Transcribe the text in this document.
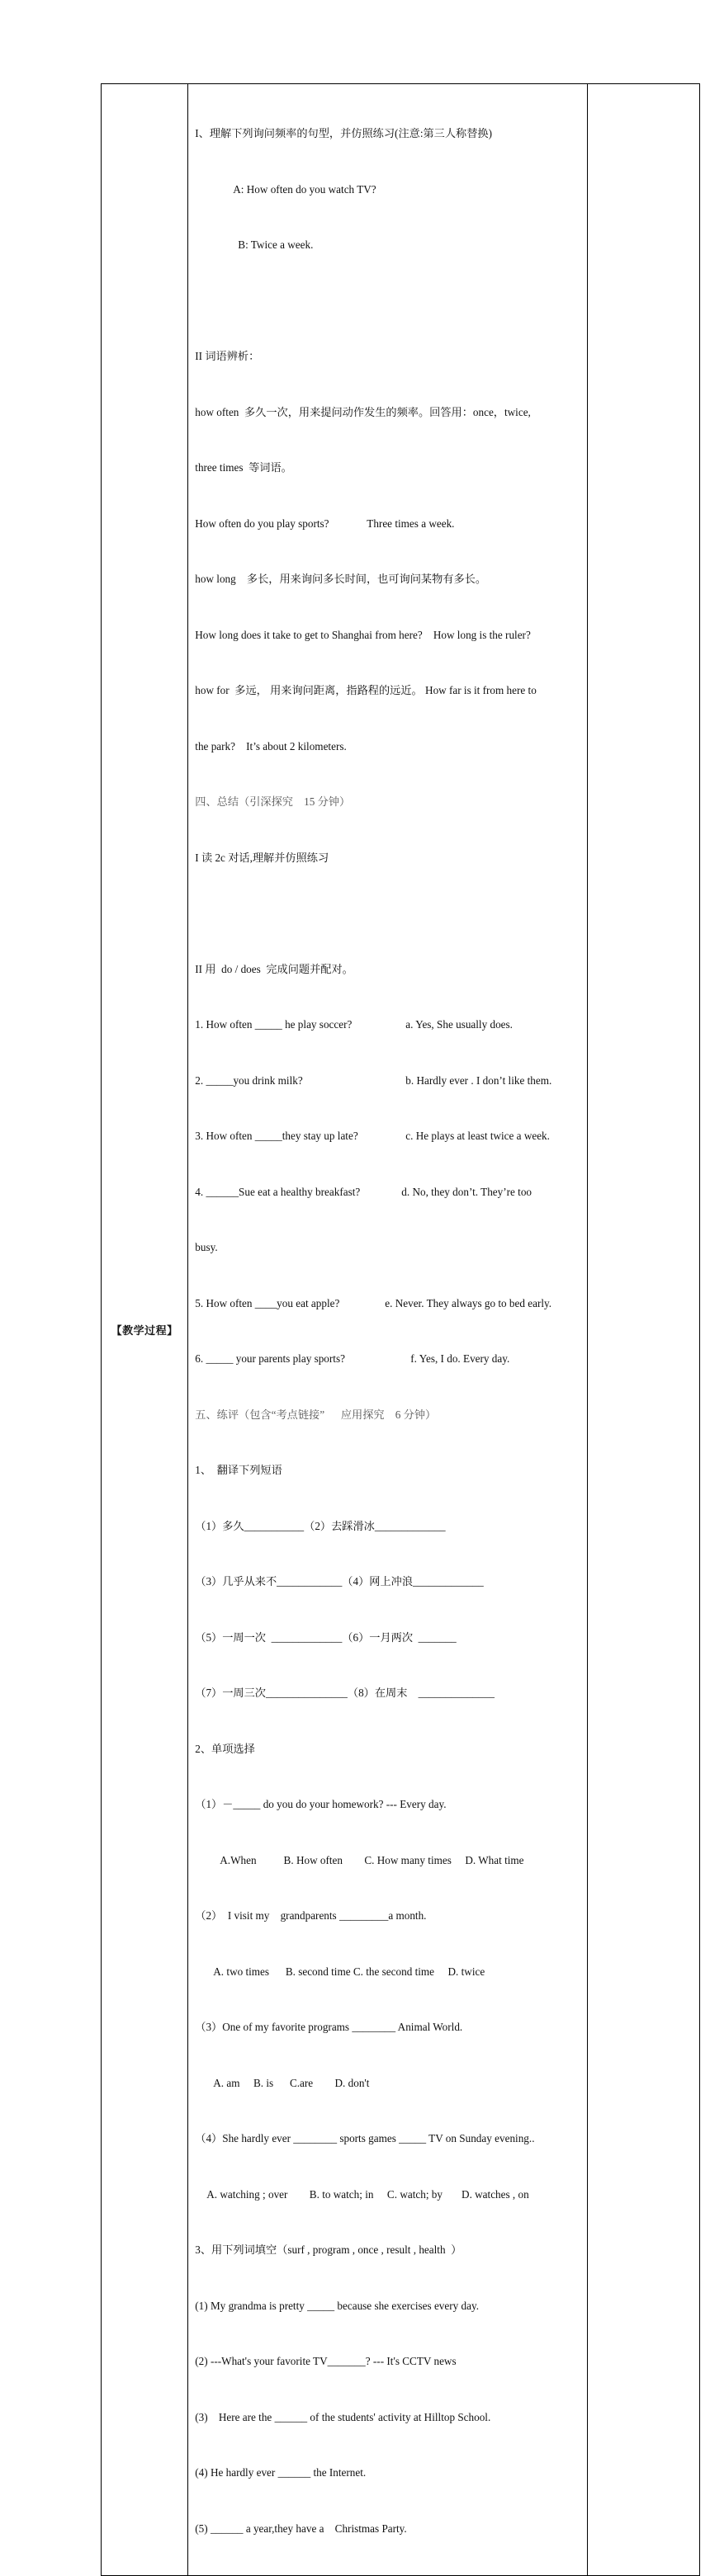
【教学过程】	

I、理解下列询问频率的句型，并仿照练习(注意:第三人称替换)

A: How often do you watch TV?

B: Twice a week.

II 词语辨析：

how often  多久一次，用来提问动作发生的频率。回答用：once，twice,

three times  等词语。

How often do you play sports?	Three times a week.

how long    多长，用来询问多长时间，也可询问某物有多长。

How long does it take to get to Shanghai from here?    How long is the ruler?

how for  多远， 用来询问距离，指路程的远近。 How far is it from here to

the park?    It’s about 2 kilometers.

四、总结（引深探究    15 分钟）

I 读 2c 对话,理解并仿照练习

II 用  do / does  完成问题并配对。

1. How often _____ he play soccer?	a. Yes, She usually does.

2. _____you drink milk?	b. Hardly ever . I don’t like them.

3. How often _____they stay up late?	c. He plays at least twice a week.

4. ______Sue eat a healthy breakfast?	d. No, they don’t. They’re too

busy.

5. How often ____you eat apple?	e. Never. They always go to bed early.

6. _____ your parents play sports?	f. Yes, I do. Every day.

五、练评（包含“考点链接”      应用探究    6 分钟）

1、  翻译下列短语

（1）多久___________（2）去踩滑冰_____________

（3）几乎从来不____________（4）网上冲浪_____________

（5）一周一次  _____________（6）一月两次  _______

（7）一周三次_______________（8）在周末    ______________

2、单项选择

（1）－_____ do you do your homework? --- Every day.

A.When          B. How often        C. How many times     D. What time

（2）  I visit my    grandparents _________a month.

A. two times      B. second time C. the second time     D. twice

（3）One of my favorite programs ________ Animal World.

A. am     B. is      C.are        D. don't

（4）She hardly ever ________ sports games _____ TV on Sunday evening..

A. watching ; over        B. to watch; in     C. watch; by       D. watches , on

3、用下列词填空（surf , program , once , result , health  ）

(1) My grandma is pretty _____ because she exercises every day.

(2) ---What's your favorite TV_______? --- It's CCTV news

(3)    Here are the ______ of the students' activity at Hilltop School.

(4) He hardly ever ______ the Internet.

(5) ______ a year,they have a    Christmas Party.
